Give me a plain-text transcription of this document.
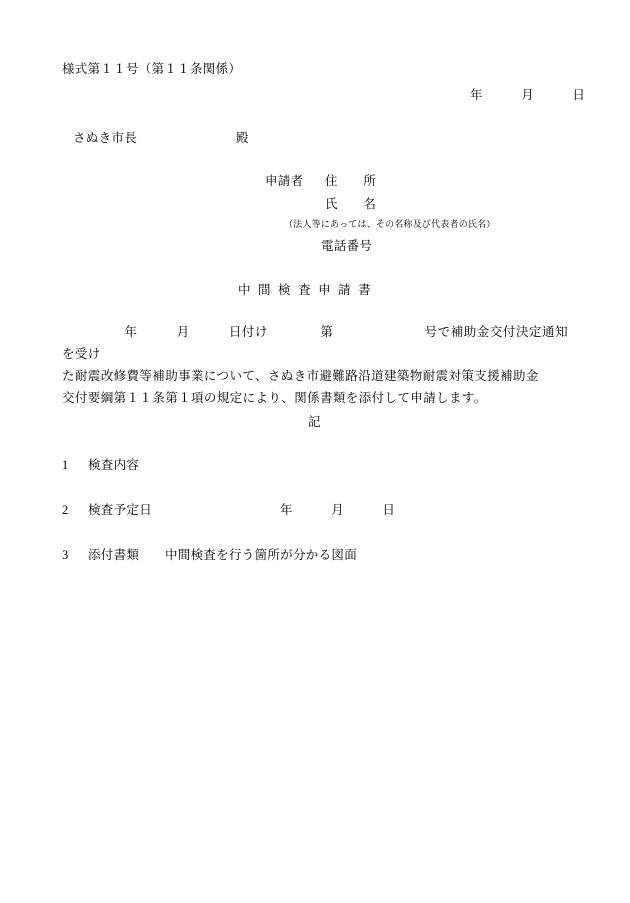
様式第１１号（第１１条関係）
年　　　月　　　日
さぬき市長	殿
申請者 住　　所
氏　　名
（法人等にあっては、その名称及び代表者の氏名）
電話番号
中 間 検 査 申 請 書

年　　　月　　　日付け　　　　第　　　　　　　号で補助金交付決定通知を受け

た耐震改修費等補助事業について、さぬき市避難路沿道建築物耐震対策支援補助金

交付要綱第１１条第１項の規定により、関係書類を添付して申請します。

記
1 検査内容
2 検査予定日	年　　　月　　　日
3 添付書類 中間検査を行う箇所が分かる図面
